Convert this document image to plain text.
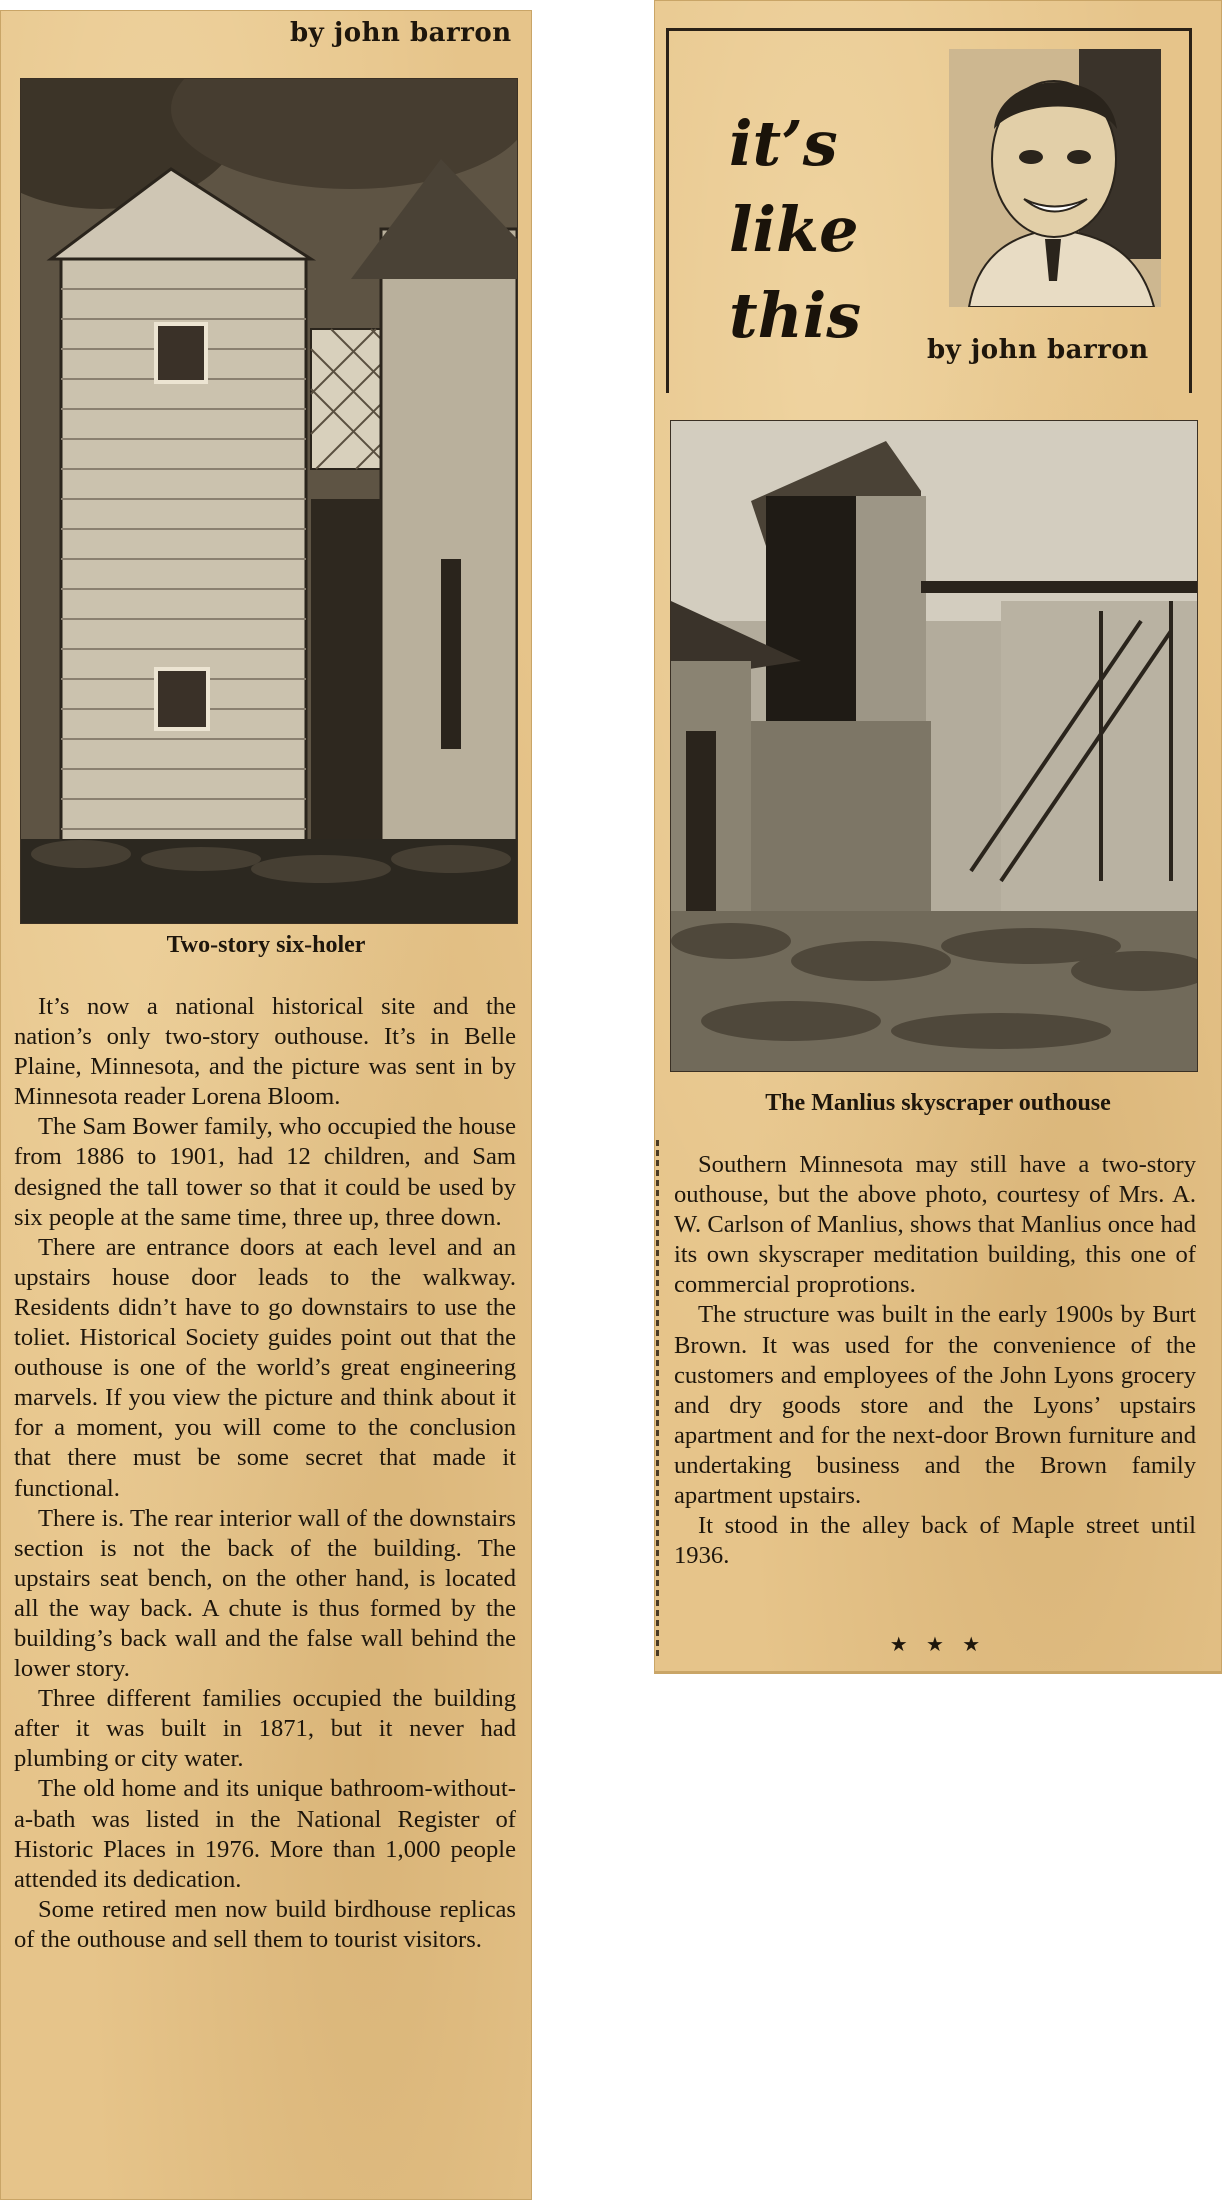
by john barron
Two-story six-holer

It’s now a national historical site and the nation’s only two-story outhouse. It’s in Belle Plaine, Minnesota, and the picture was sent in by Minnesota reader Lorena Bloom.

The Sam Bower family, who occupied the house from 1886 to 1901, had 12 children, and Sam designed the tall tower so that it could be used by six people at the same time, three up, three down.

There are entrance doors at each level and an upstairs house door leads to the walkway. Residents didn’t have to go downstairs to use the toliet. Historical Society guides point out that the outhouse is one of the world’s great engineering marvels. If you view the picture and think about it for a moment, you will come to the conclusion that there must be some secret that made it functional.

There is. The rear interior wall of the downstairs section is not the back of the building. The upstairs seat bench, on the other hand, is located all the way back. A chute is thus formed by the building’s back wall and the false wall behind the lower story.

Three different families occupied the building after it was built in 1871, but it never had plumbing or city water.

The old home and its unique bathroom-without-a-bath was listed in the National Register of Historic Places in 1976. More than 1,000 people attended its dedication.

Some retired men now build birdhouse replicas of the outhouse and sell them to tourist visitors.

it’s
like
this	by john barron
The Manlius skyscraper outhouse

Southern Minnesota may still have a two-story outhouse, but the above photo, courtesy of Mrs. A. W. Carlson of Manlius, shows that Manlius once had its own skyscraper meditation building, this one of commercial proprotions.

The structure was built in the early 1900s by Burt Brown. It was used for the convenience of the customers and employees of the John Lyons grocery and dry goods store and the Lyons’ upstairs apartment and for the next-door Brown furniture and undertaking business and the Brown family apartment upstairs.

It stood in the alley back of Maple street until 1936.

★ ★ ★
